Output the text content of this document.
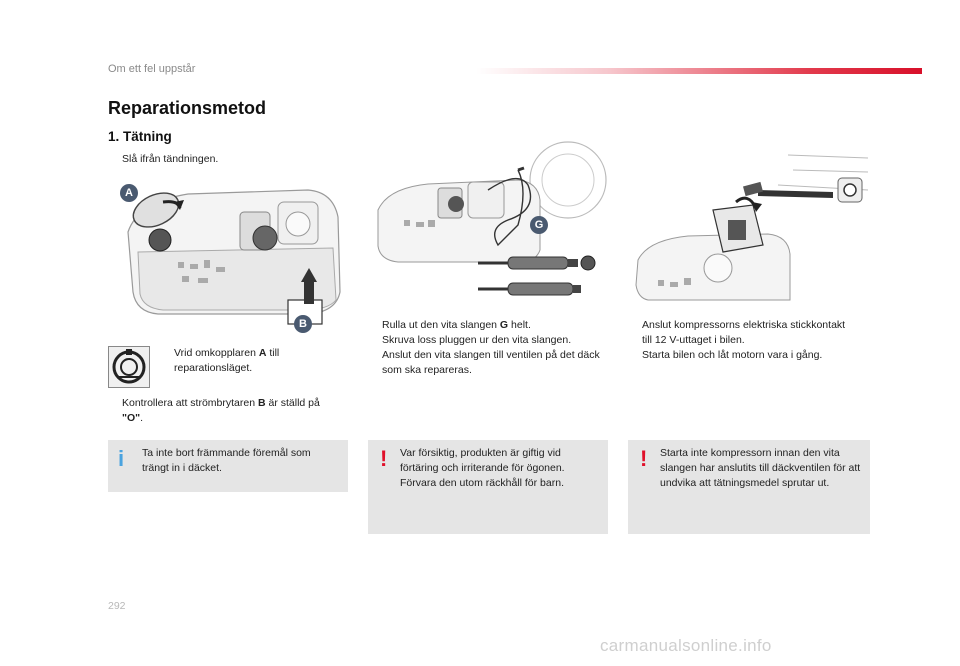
Om ett fel uppstår
Reparationsmetod
1. Tätning
Slå ifrån tändningen.
A
B
Vrid omkopplaren A till reparationsläget.
Kontrollera att strömbrytaren B är ställd på "O".
G
Rulla ut den vita slangen G helt.
Skruva loss pluggen ur den vita slangen.
Anslut den vita slangen till ventilen på det däck som ska repareras.
Anslut kompressorns elektriska stickkontakt till 12 V-uttaget i bilen.
Starta bilen och låt motorn vara i gång.
i Ta inte bort främmande föremål som trängt in i däcket.	! Var försiktig, produkten är giftig vid förtäring och irriterande för ögonen. Förvara den utom räckhåll för barn.
! Starta inte kompressorn innan den vita slangen har anslutits till däckventilen för att undvika att tätningsmedel sprutar ut.
292
carmanualsonline.info
